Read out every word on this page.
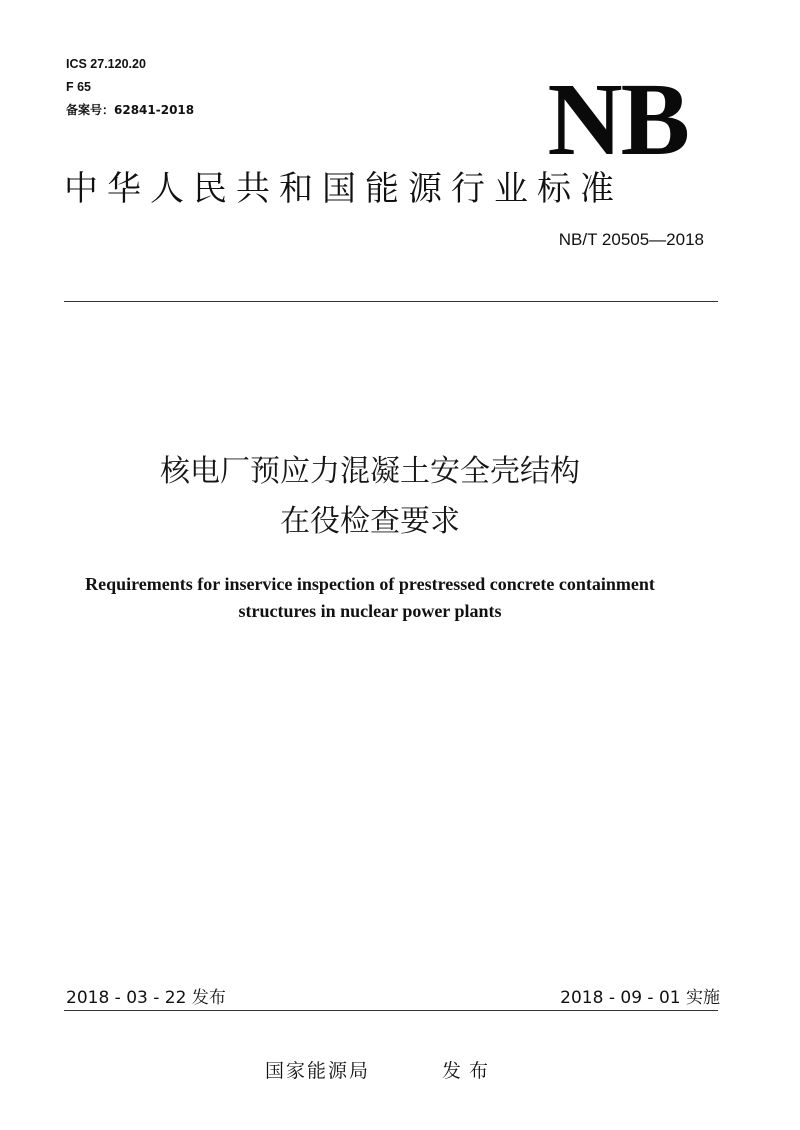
ICS 27.120.20
F 65
备案号：62841-2018	NB
中华人民共和国能源行业标准
NB/T 20505—2018
核电厂预应力混凝土安全壳结构
在役检查要求
Requirements for inservice inspection of prestressed concrete containment
structures in nuclear power plants
2018 - 03 - 22 发布	2018 - 09 - 01 实施
国家能源局	发布
